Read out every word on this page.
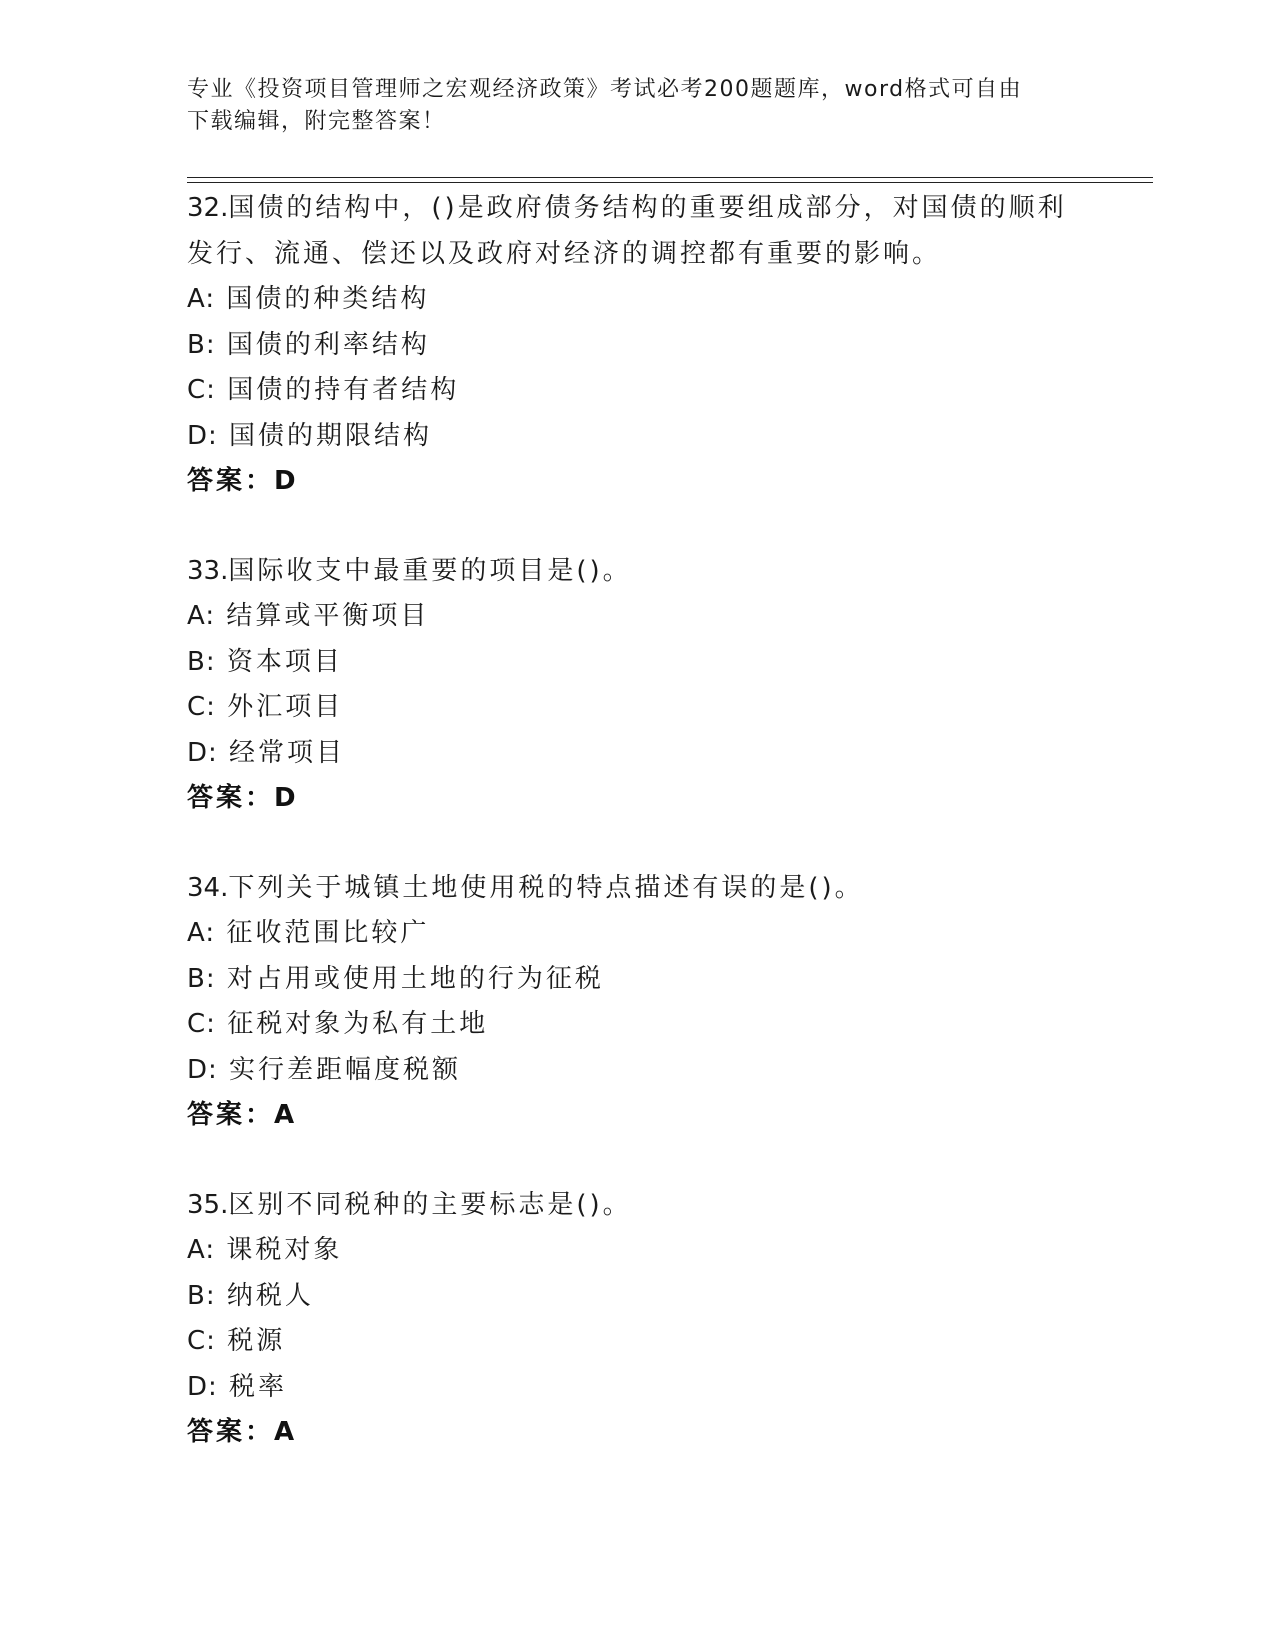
专业《投资项目管理师之宏观经济政策》考试必考200题题库，word格式可自由
下载编辑，附完整答案！
32.国债的结构中，()是政府债务结构的重要组成部分，对国债的顺利
发行、流通、偿还以及政府对经济的调控都有重要的影响。
A: 国债的种类结构
B: 国债的利率结构
C: 国债的持有者结构
D: 国债的期限结构
答案：D
33.国际收支中最重要的项目是()。
A: 结算或平衡项目
B: 资本项目
C: 外汇项目
D: 经常项目
答案：D
34.下列关于城镇土地使用税的特点描述有误的是()。
A: 征收范围比较广
B: 对占用或使用土地的行为征税
C: 征税对象为私有土地
D: 实行差距幅度税额
答案：A
35.区别不同税种的主要标志是()。
A: 课税对象
B: 纳税人
C: 税源
D: 税率
答案：A
